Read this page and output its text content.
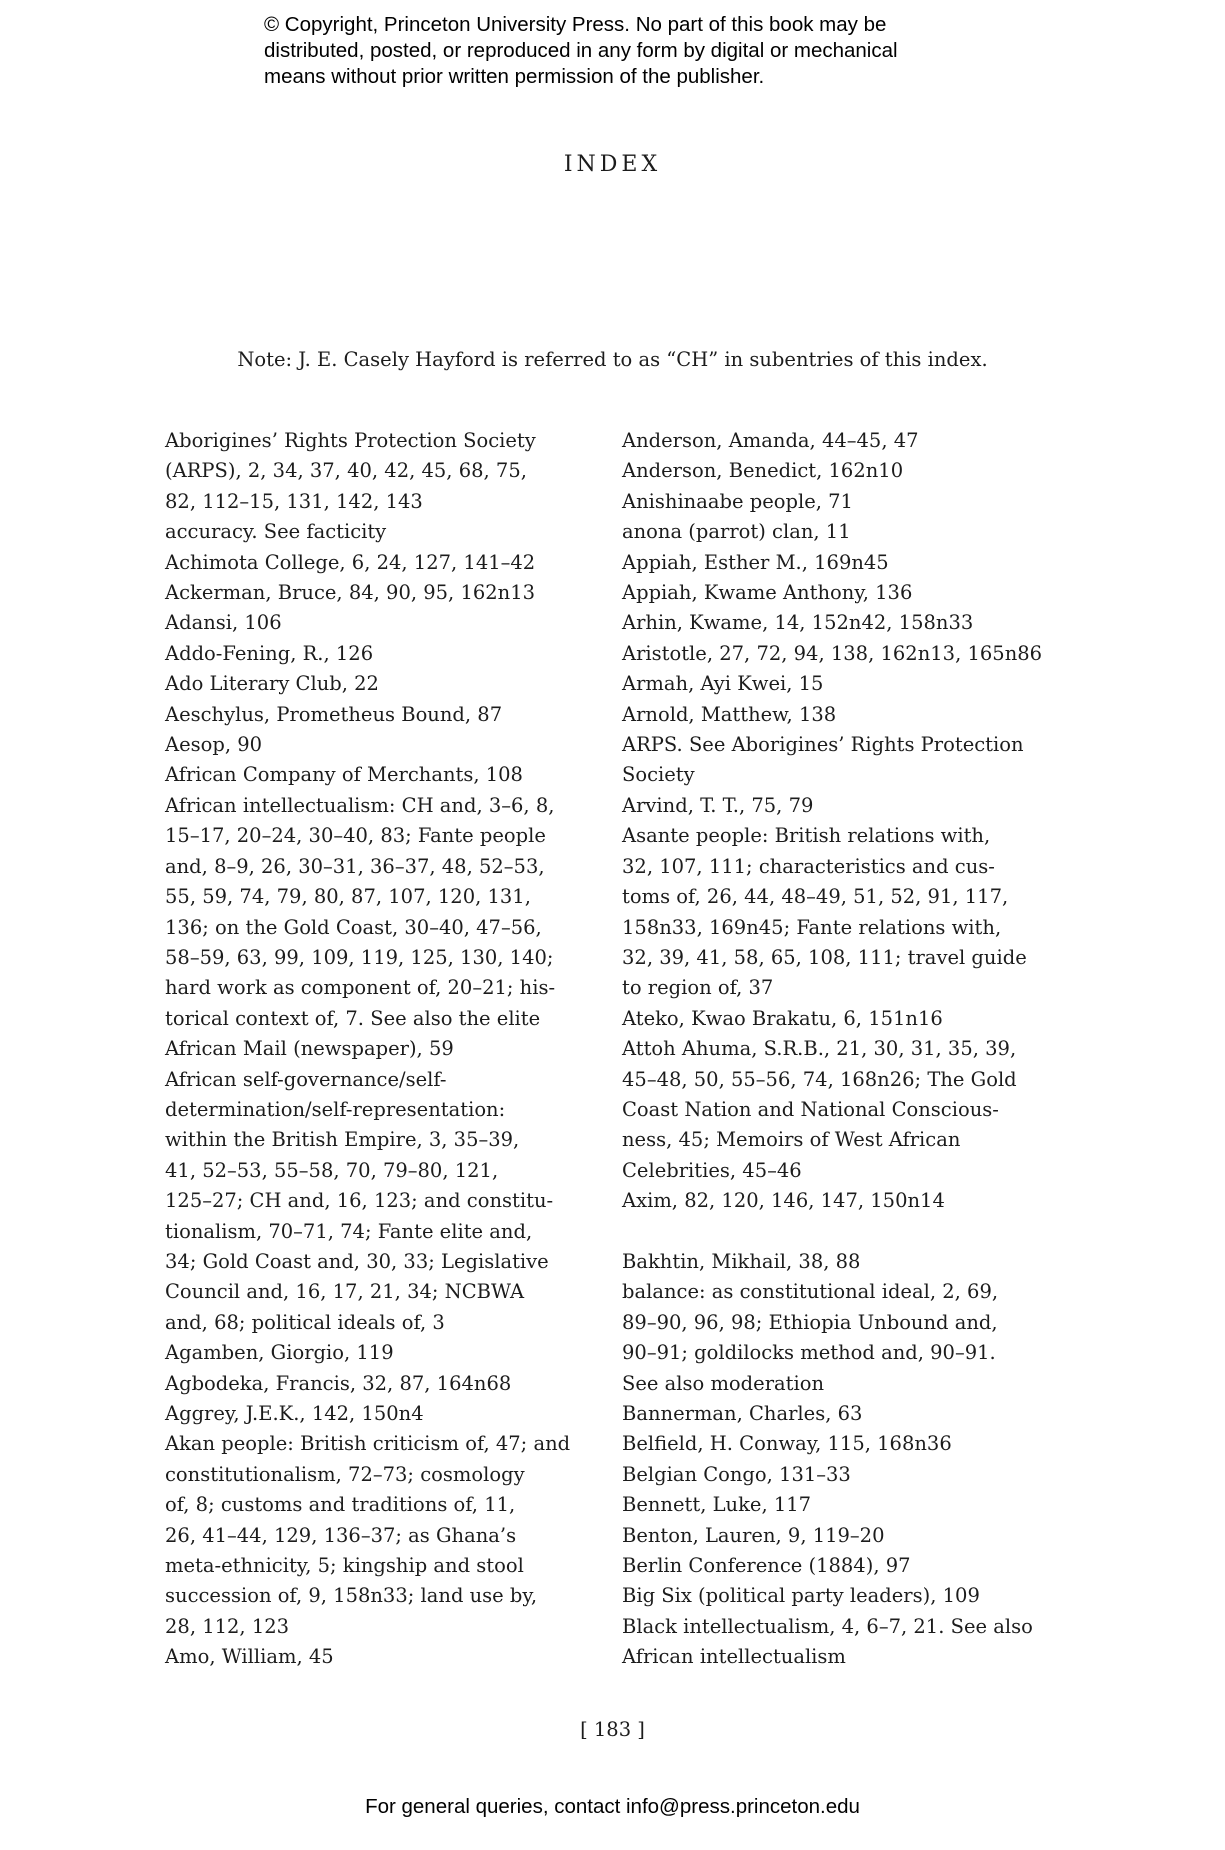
© Copyright, Princeton University Press. No part of this book may be
distributed, posted, or reproduced in any form by digital or mechanical
means without prior written permission of the publisher.
INDEX
Note: J. E. Casely Hayford is referred to as “CH” in subentries of this index.
Aborigines’ Rights Protection Society
(ARPS), 2, 34, 37, 40, 42, 45, 68, 75,
82, 112–15, 131, 142, 143
accuracy. See facticity
Achimota College, 6, 24, 127, 141–42
Ackerman, Bruce, 84, 90, 95, 162n13
Adansi, 106
Addo-Fening, R., 126
Ado Literary Club, 22
Aeschylus, Prometheus Bound, 87
Aesop, 90
African Company of Merchants, 108
African intellectualism: CH and, 3–6, 8,
15–17, 20–24, 30–40, 83; Fante people
and, 8–9, 26, 30–31, 36–37, 48, 52–53,
55, 59, 74, 79, 80, 87, 107, 120, 131,
136; on the Gold Coast, 30–40, 47–56,
58–59, 63, 99, 109, 119, 125, 130, 140;
hard work as component of, 20–21; his-
torical context of, 7. See also the elite
African Mail (newspaper), 59
African self-governance/self-
determination/self-representation:
within the British Empire, 3, 35–39,
41, 52–53, 55–58, 70, 79–80, 121,
125–27; CH and, 16, 123; and constitu-
tionalism, 70–71, 74; Fante elite and,
34; Gold Coast and, 30, 33; Legislative
Council and, 16, 17, 21, 34; NCBWA
and, 68; political ideals of, 3
Agamben, Giorgio, 119
Agbodeka, Francis, 32, 87, 164n68
Aggrey, J.E.K., 142, 150n4
Akan people: British criticism of, 47; and
constitutionalism, 72–73; cosmology
of, 8; customs and traditions of, 11,
26, 41–44, 129, 136–37; as Ghana’s
meta-ethnicity, 5; kingship and stool
succession of, 9, 158n33; land use by,
28, 112, 123
Amo, William, 45
Anderson, Amanda, 44–45, 47
Anderson, Benedict, 162n10
Anishinaabe people, 71
anona (parrot) clan, 11
Appiah, Esther M., 169n45
Appiah, Kwame Anthony, 136
Arhin, Kwame, 14, 152n42, 158n33
Aristotle, 27, 72, 94, 138, 162n13, 165n86
Armah, Ayi Kwei, 15
Arnold, Matthew, 138
ARPS. See Aborigines’ Rights Protection
Society
Arvind, T. T., 75, 79
Asante people: British relations with,
32, 107, 111; characteristics and cus-
toms of, 26, 44, 48–49, 51, 52, 91, 117,
158n33, 169n45; Fante relations with,
32, 39, 41, 58, 65, 108, 111; travel guide
to region of, 37
Ateko, Kwao Brakatu, 6, 151n16
Attoh Ahuma, S.R.B., 21, 30, 31, 35, 39,
45–48, 50, 55–56, 74, 168n26; The Gold
Coast Nation and National Conscious-
ness, 45; Memoirs of West African
Celebrities, 45–46
Axim, 82, 120, 146, 147, 150n14
Bakhtin, Mikhail, 38, 88
balance: as constitutional ideal, 2, 69,
89–90, 96, 98; Ethiopia Unbound and,
90–91; goldilocks method and, 90–91.
See also moderation
Bannerman, Charles, 63
Belfield, H. Conway, 115, 168n36
Belgian Congo, 131–33
Bennett, Luke, 117
Benton, Lauren, 9, 119–20
Berlin Conference (1884), 97
Big Six (political party leaders), 109
Black intellectualism, 4, 6–7, 21. See also
African intellectualism
[ 183 ]
For general queries, contact info@press.princeton.edu
